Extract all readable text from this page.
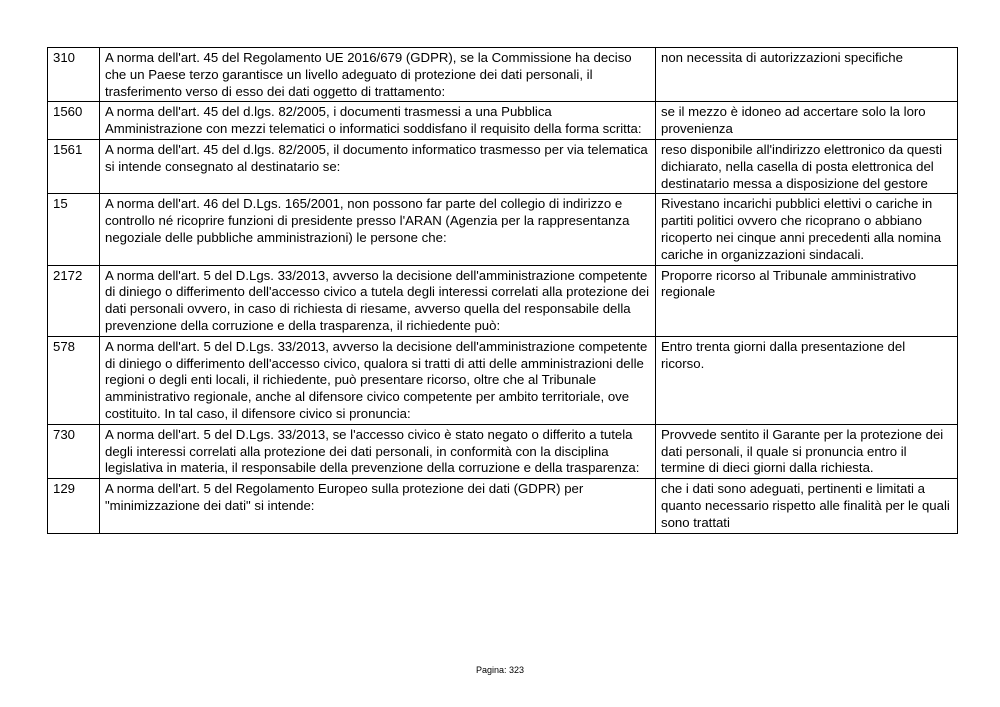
310	A norma dell'art. 45 del Regolamento UE 2016/679 (GDPR), se la Commissione ha deciso che un Paese terzo garantisce un livello adeguato di protezione dei dati personali, il trasferimento verso di esso dei dati oggetto di trattamento:	non necessita di autorizzazioni specifiche
1560	A norma dell'art. 45 del d.lgs. 82/2005, i documenti trasmessi a una Pubblica Amministrazione con mezzi telematici o informatici soddisfano il requisito della forma scritta:	se il mezzo è idoneo ad accertare solo la loro provenienza
1561	A norma dell'art. 45 del d.lgs. 82/2005, il documento informatico trasmesso per via telematica si intende consegnato al destinatario se:	reso disponibile all'indirizzo elettronico da questi dichiarato, nella casella di posta elettronica del destinatario messa a disposizione del gestore
15	A norma dell'art. 46 del D.Lgs. 165/2001, non possono far parte del collegio di indirizzo e controllo né ricoprire funzioni di presidente presso l'ARAN (Agenzia per la rappresentanza negoziale delle pubbliche amministrazioni) le persone che:	Rivestano incarichi pubblici elettivi o cariche in partiti politici ovvero che ricoprano o abbiano ricoperto nei cinque anni precedenti alla nomina cariche in organizzazioni sindacali.
2172	A norma dell'art. 5 del D.Lgs. 33/2013, avverso la decisione dell'amministrazione competente di diniego o differimento dell'accesso civico a tutela degli interessi correlati alla protezione dei dati personali ovvero, in caso di richiesta di riesame, avverso quella del responsabile della prevenzione della corruzione e della trasparenza, il richiedente può:	Proporre ricorso al Tribunale amministrativo regionale
578	A norma dell'art. 5 del D.Lgs. 33/2013, avverso la decisione dell'amministrazione competente di diniego o differimento dell'accesso civico, qualora si tratti di atti delle amministrazioni delle regioni o degli enti locali, il richiedente, può presentare ricorso, oltre che al Tribunale amministrativo regionale, anche al difensore civico competente per ambito territoriale, ove costituito. In tal caso, il difensore civico si pronuncia:	Entro trenta giorni dalla presentazione del ricorso.
730	A norma dell'art. 5 del D.Lgs. 33/2013, se l'accesso civico è stato negato o differito a tutela degli interessi correlati alla protezione dei dati personali, in conformità con la disciplina legislativa in materia, il responsabile della prevenzione della corruzione e della trasparenza:	Provvede sentito il Garante per la protezione dei dati personali, il quale si pronuncia entro il termine di dieci giorni dalla richiesta.
129	A norma dell'art. 5 del Regolamento Europeo sulla protezione dei dati (GDPR) per "minimizzazione dei dati" si intende:	che i dati sono adeguati, pertinenti e limitati a quanto necessario rispetto alle finalità per le quali sono trattati
Pagina: 323
